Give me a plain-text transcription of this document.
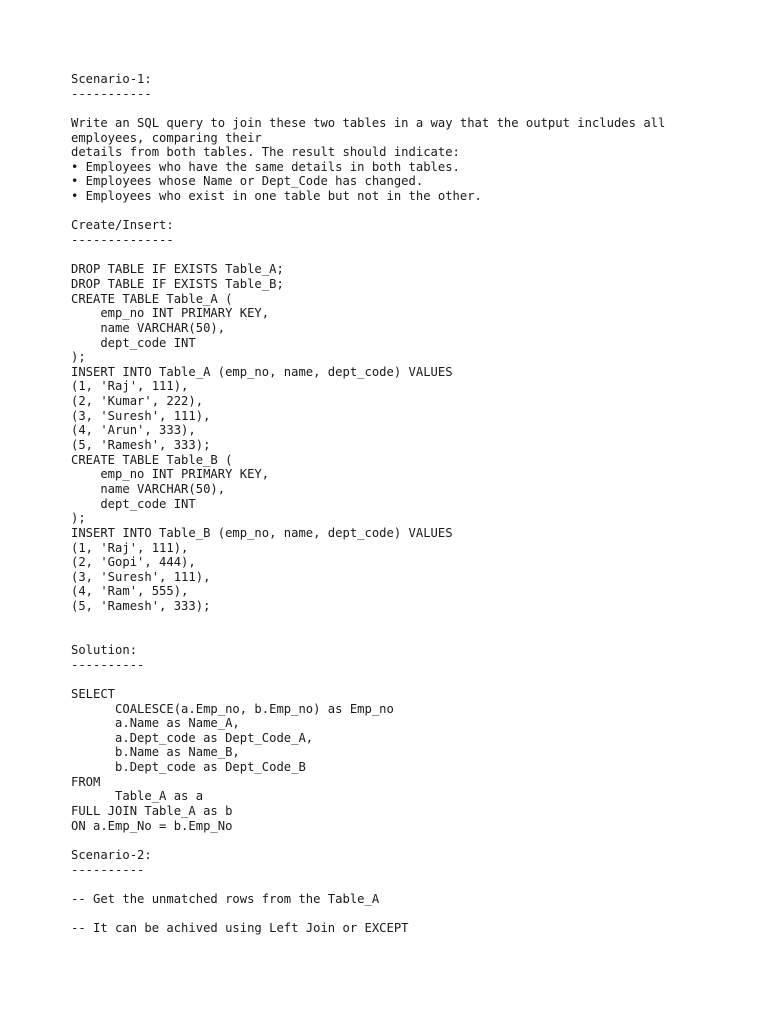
Scenario-1:
-----------
Write an SQL query to join these two tables in a way that the output includes all
employees, comparing their
details from both tables. The result should indicate:
• Employees who have the same details in both tables.
• Employees whose Name or Dept_Code has changed.
• Employees who exist in one table but not in the other.
Create/Insert:
--------------
DROP TABLE IF EXISTS Table_A;
DROP TABLE IF EXISTS Table_B;
CREATE TABLE Table_A (
emp_no INT PRIMARY KEY,
name VARCHAR(50),
dept_code INT
);
INSERT INTO Table_A (emp_no, name, dept_code) VALUES
(1, 'Raj', 111),
(2, 'Kumar', 222),
(3, 'Suresh', 111),
(4, 'Arun', 333),
(5, 'Ramesh', 333);
CREATE TABLE Table_B (
emp_no INT PRIMARY KEY,
name VARCHAR(50),
dept_code INT
);
INSERT INTO Table_B (emp_no, name, dept_code) VALUES
(1, 'Raj', 111),
(2, 'Gopi', 444),
(3, 'Suresh', 111),
(4, 'Ram', 555),
(5, 'Ramesh', 333);
Solution:
----------
SELECT
COALESCE(a.Emp_no, b.Emp_no) as Emp_no
a.Name as Name_A,
a.Dept_code as Dept_Code_A,
b.Name as Name_B,
b.Dept_code as Dept_Code_B
FROM
Table_A as a
FULL JOIN Table_A as b
ON a.Emp_No = b.Emp_No
Scenario-2:
----------
-- Get the unmatched rows from the Table_A
-- It can be achived using Left Join or EXCEPT
